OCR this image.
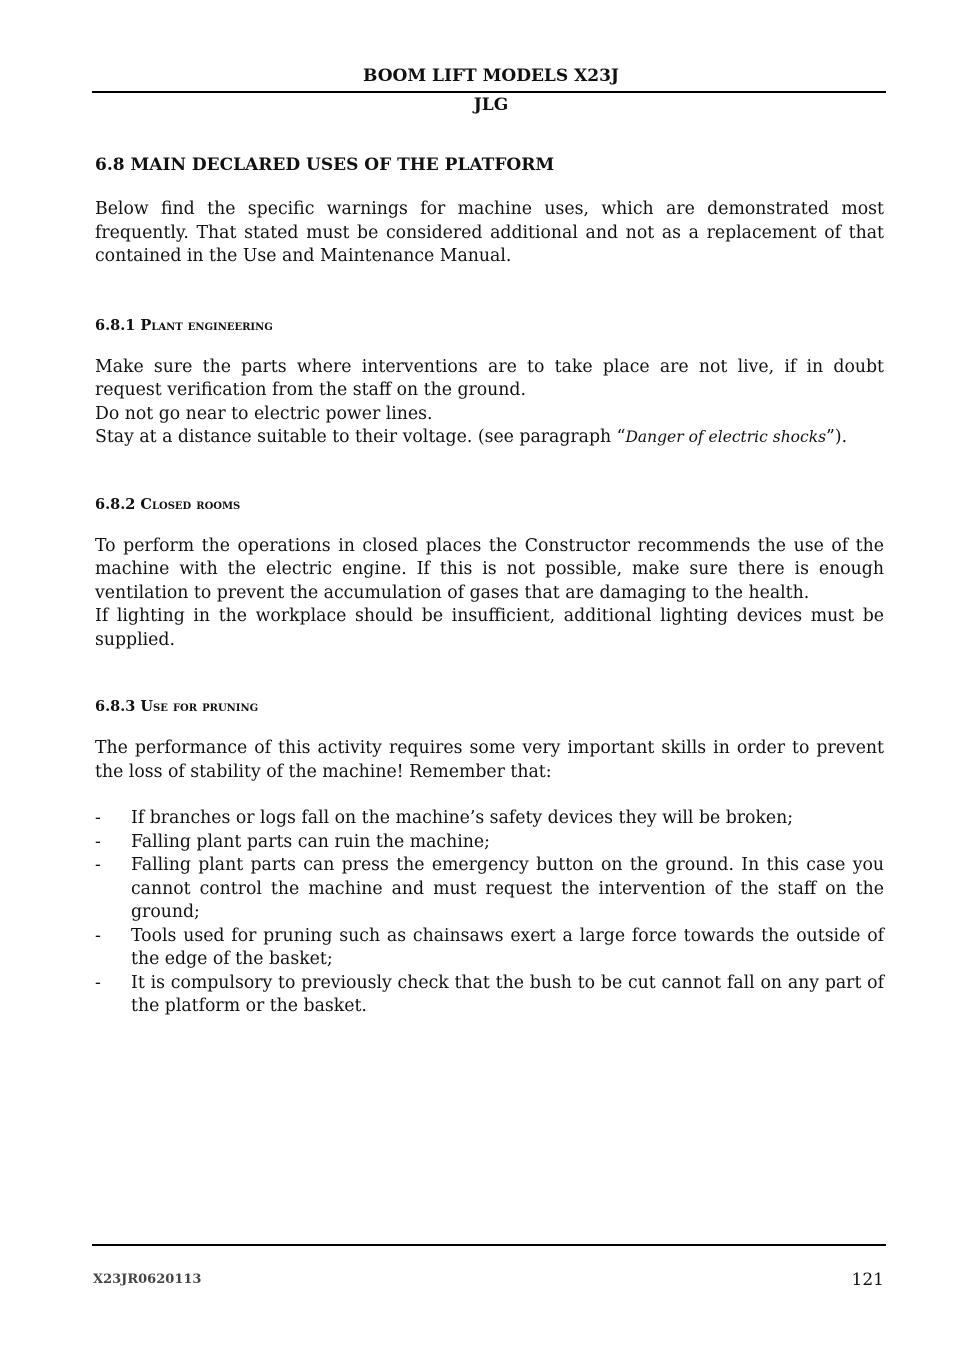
BOOM LIFT MODELS X23J
JLG
6.8 MAIN DECLARED USES OF THE PLATFORM

Below find the specific warnings for machine uses, which are demonstrated most frequently. That stated must be considered additional and not as a replacement of that contained in the Use and Maintenance Manual.

6.8.1 Plant engineering

Make sure the parts where interventions are to take place are not live, if in doubt request verification from the staff on the ground.

Do not go near to electric power lines.

Stay at a distance suitable to their voltage. (see paragraph “Danger of electric shocks”).

6.8.2 Closed rooms

To perform the operations in closed places the Constructor recommends the use of the machine with the electric engine. If this is not possible, make sure there is enough ventilation to prevent the accumulation of gases that are damaging to the health.

If lighting in the workplace should be insufficient, additional lighting devices must be supplied.

6.8.3 Use for pruning

The performance of this activity requires some very important skills in order to prevent the loss of stability of the machine! Remember that:

- If branches or logs fall on the machine’s safety devices they will be broken;
- Falling plant parts can ruin the machine;
- Falling plant parts can press the emergency button on the ground. In this case you cannot control the machine and must request the intervention of the staff on the ground;
- Tools used for pruning such as chainsaws exert a large force towards the outside of the edge of the basket;
- It is compulsory to previously check that the bush to be cut cannot fall on any part of the platform or the basket.
X23JR0620113	121
